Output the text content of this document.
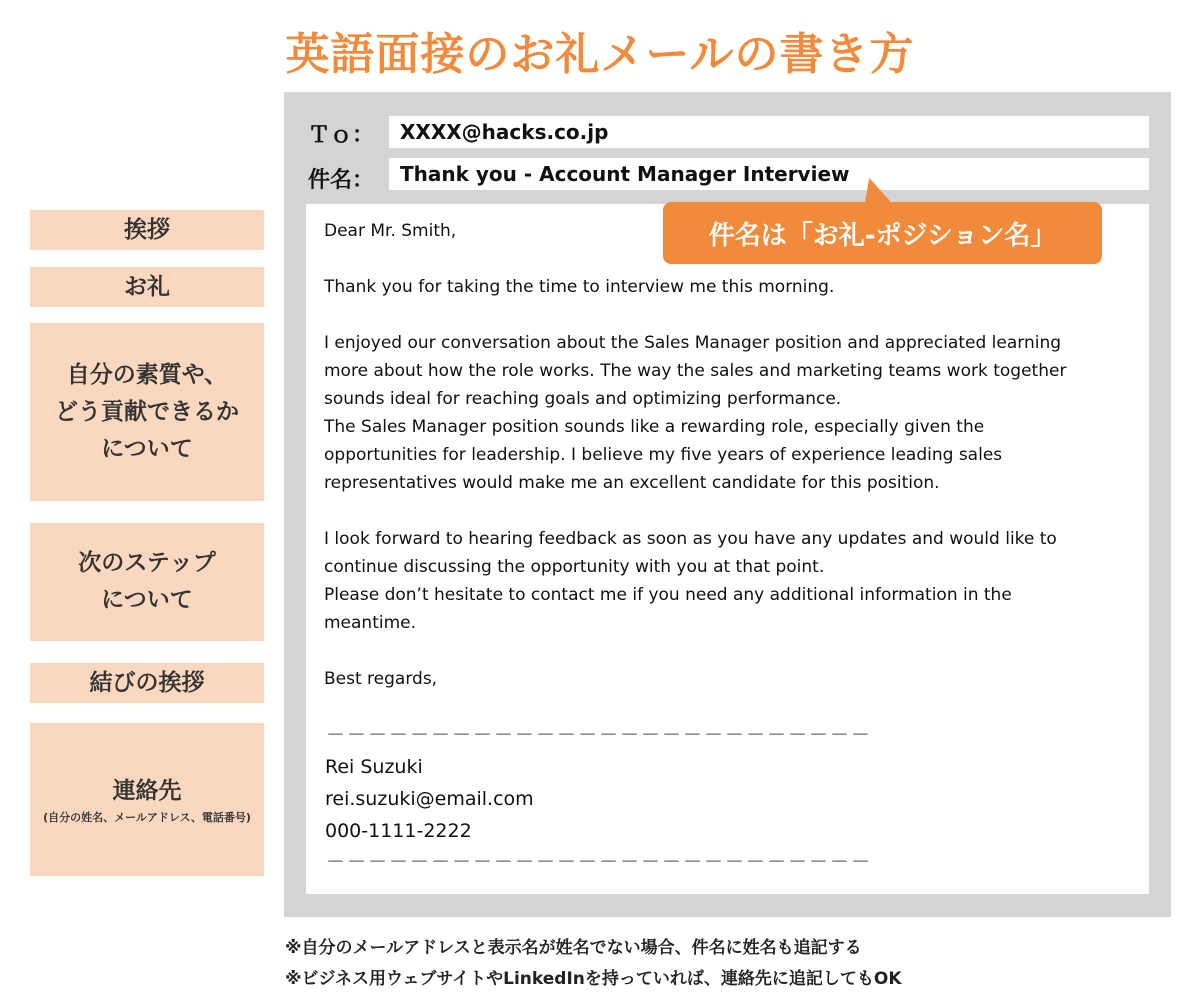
英語面接のお礼メールの書き方
挨拶
お礼
自分の素質や、
どう貢献できるか
について
次のステップ
について
結びの挨拶
連絡先
(自分の姓名、メールアドレス、電話番号)
Ｔｏ：	XXXX@hacks.co.jp
件名：	Thank you - Account Manager Interview
件名は「お礼-ポジション名」
Dear Mr. Smith,
Thank you for taking the time to interview me this morning.
I enjoyed our conversation about the Sales Manager position and appreciated learning
more about how the role works. The way the sales and marketing teams work together
sounds ideal for reaching goals and optimizing performance.
The Sales Manager position sounds like a rewarding role, especially given the
opportunities for leadership. I believe my five years of experience leading sales
representatives would make me an excellent candidate for this position.
I look forward to hearing feedback as soon as you have any updates and would like to
continue discussing the opportunity with you at that point.
Please don’t hesitate to contact me if you need any additional information in the
meantime.
Best regards,
－－－－－－－－－－－－－－－－－－－－－－－－－－
Rei Suzuki
rei.suzuki@email.com
000-1111-2222
－－－－－－－－－－－－－－－－－－－－－－－－－－
※自分のメールアドレスと表示名が姓名でない場合、件名に姓名も追記する
※ビジネス用ウェブサイトやLinkedInを持っていれば、連絡先に追記してもOK
